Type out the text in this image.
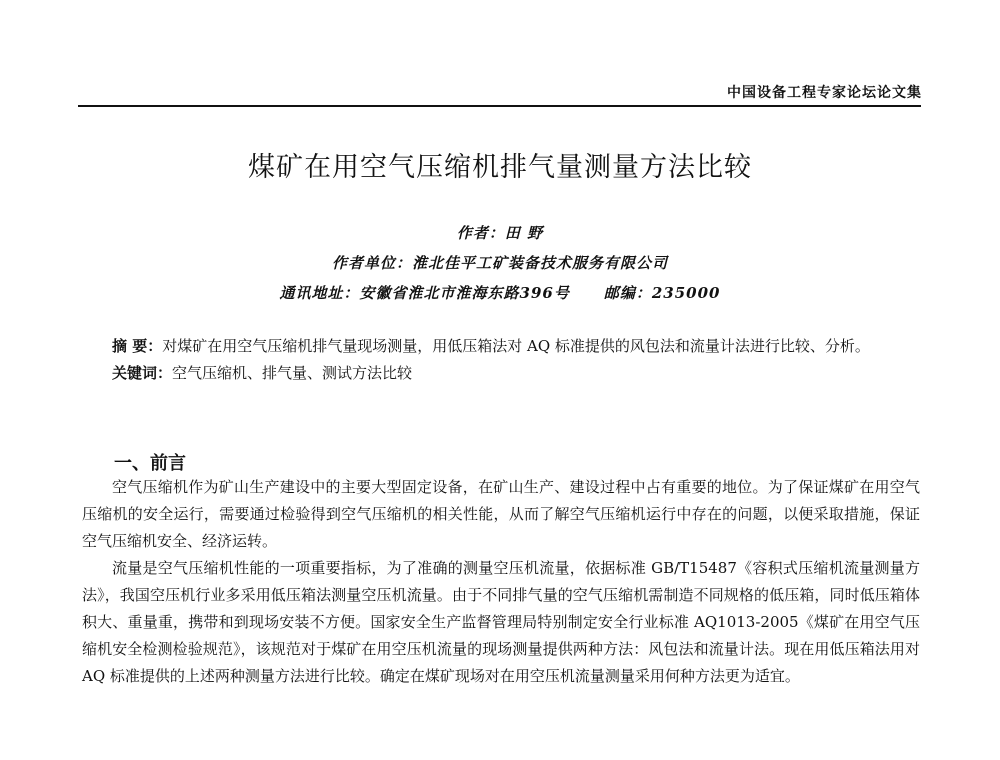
中国设备工程专家论坛论文集
煤矿在用空气压缩机排气量测量方法比较
作者：田 野
作者单位：淮北佳平工矿装备技术服务有限公司
通讯地址：安徽省淮北市淮海东路396号 邮编：235000

摘 要：对煤矿在用空气压缩机排气量现场测量，用低压箱法对 AQ 标准提供的风包法和流量计法进行比较、分析。

关键词：空气压缩机、排气量、测试方法比较

一、前言

空气压缩机作为矿山生产建设中的主要大型固定设备，在矿山生产、建设过程中占有重要的地位。为了保证煤矿在用空气压缩机的安全运行，需要通过检验得到空气压缩机的相关性能，从而了解空气压缩机运行中存在的问题，以便采取措施，保证空气压缩机安全、经济运转。

流量是空气压缩机性能的一项重要指标，为了准确的测量空压机流量，依据标准 GB/T15487《容积式压缩机流量测量方法》，我国空压机行业多采用低压箱法测量空压机流量。由于不同排气量的空气压缩机需制造不同规格的低压箱，同时低压箱体积大、重量重，携带和到现场安装不方便。国家安全生产监督管理局特别制定安全行业标准 AQ1013-2005《煤矿在用空气压缩机安全检测检验规范》，该规范对于煤矿在用空压机流量的现场测量提供两种方法：风包法和流量计法。现在用低压箱法用对 AQ 标准提供的上述两种测量方法进行比较。确定在煤矿现场对在用空压机流量测量采用何种方法更为适宜。
